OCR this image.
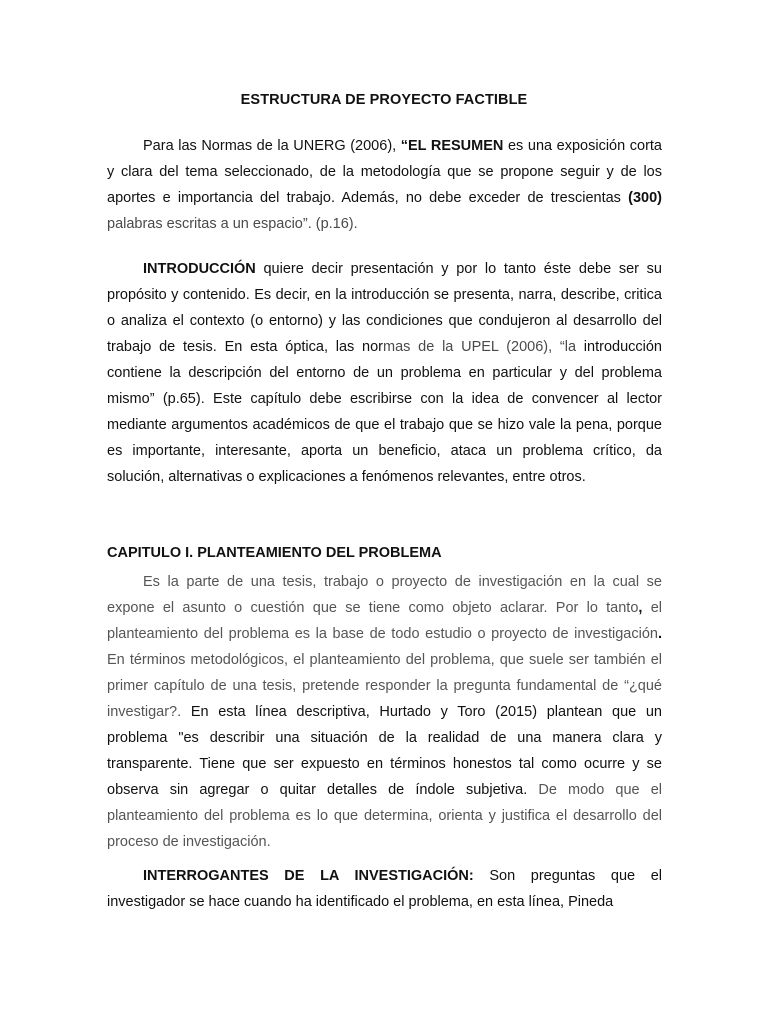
ESTRUCTURA DE PROYECTO FACTIBLE

Para las Normas de la UNERG (2006), “EL RESUMEN es una exposición corta y clara del tema seleccionado, de la metodología que se propone seguir y de los aportes e importancia del trabajo. Además, no debe exceder de trescientas (300) palabras escritas a un espacio”. (p.16).

INTRODUCCIÓN quiere decir presentación y por lo tanto éste debe ser su propósito y contenido. Es decir, en la introducción se presenta, narra, describe, critica o analiza el contexto (o entorno) y las condiciones que condujeron al desarrollo del trabajo de tesis. En esta óptica, las normas de la UPEL (2006), “la introducción contiene la descripción del entorno de un problema en particular y del problema mismo” (p.65). Este capítulo debe escribirse con la idea de convencer al lector mediante argumentos académicos de que el trabajo que se hizo vale la pena, porque es importante, interesante, aporta un beneficio, ataca un problema crítico, da solución, alternativas o explicaciones a fenómenos relevantes, entre otros.

CAPITULO I. PLANTEAMIENTO DEL PROBLEMA

Es la parte de una tesis, trabajo o proyecto de investigación en la cual se expone el asunto o cuestión que se tiene como objeto aclarar. Por lo tanto, el planteamiento del problema es la base de todo estudio o proyecto de investigación. En términos metodológicos, el planteamiento del problema, que suele ser también el primer capítulo de una tesis, pretende responder la pregunta fundamental de “¿qué investigar?. En esta línea descriptiva, Hurtado y Toro (2015) plantean que un problema "es describir una situación de la realidad de una manera clara y transparente. Tiene que ser expuesto en términos honestos tal como ocurre y se observa sin agregar o quitar detalles de índole subjetiva. De modo que el planteamiento del problema es lo que determina, orienta y justifica el desarrollo del proceso de investigación.

INTERROGANTES DE LA INVESTIGACIÓN: Son preguntas que el investigador se hace cuando ha identificado el problema, en esta línea, Pineda
